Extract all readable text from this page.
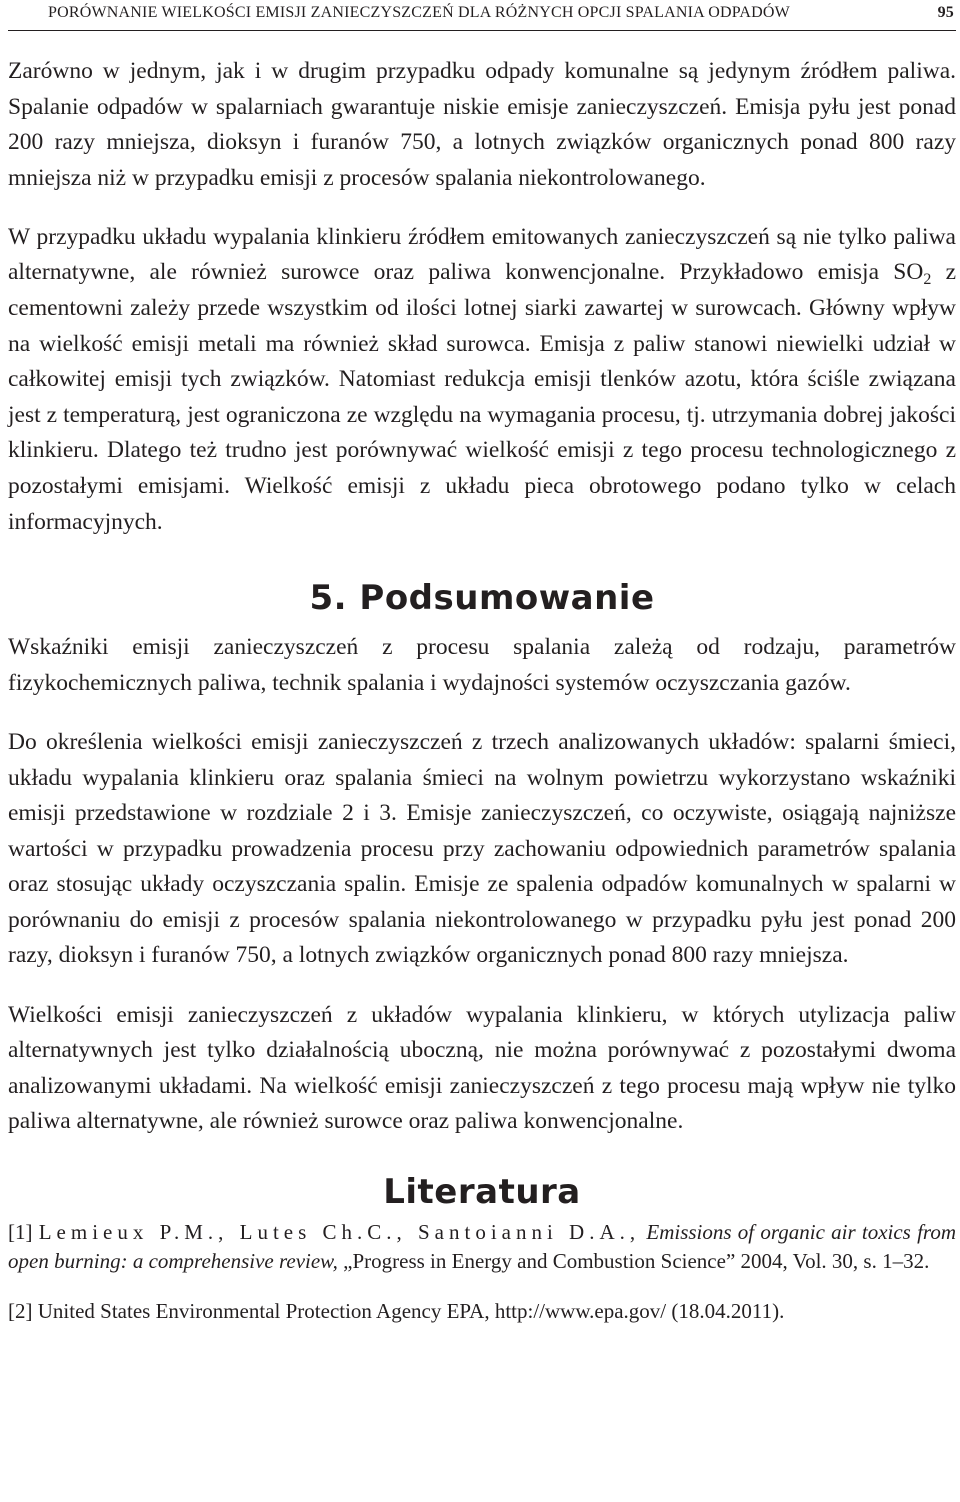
PORÓWNANIE WIELKOŚCI EMISJI ZANIECZYSZCZEŃ DLA RÓŻNYCH OPCJI SPALANIA ODPADÓW	95

Zarówno w jednym, jak i w drugim przypadku odpady komunalne są jedynym źródłem paliwa. Spalanie odpadów w spalarniach gwarantuje niskie emisje zanieczyszczeń. Emisja pyłu jest ponad 200 razy mniejsza, dioksyn i furanów 750, a lotnych związków organicznych ponad 800 razy mniejsza niż w przypadku emisji z procesów spalania niekontrolowanego.

W przypadku układu wypalania klinkieru źródłem emitowanych zanieczyszczeń są nie tylko paliwa alternatywne, ale również surowce oraz paliwa konwencjonalne. Przykładowo emisja $SO_2$ z cementowni zależy przede wszystkim od ilości lotnej siarki zawartej w surowcach. Główny wpływ na wielkość emisji metali ma również skład surowca. Emisja z paliw stanowi niewielki udział w całkowitej emisji tych związków. Natomiast redukcja emisji tlenków azotu, która ściśle związana jest z temperaturą, jest ograniczona ze względu na wymagania procesu, tj. utrzymania dobrej jakości klinkieru. Dlatego też trudno jest porównywać wielkość emisji z tego procesu technologicznego z pozostałymi emisjami. Wielkość emisji z układu pieca obrotowego podano tylko w celach informacyjnych.

5. Podsumowanie

Wskaźniki emisji zanieczyszczeń z procesu spalania zależą od rodzaju, parametrów fizykochemicznych paliwa, technik spalania i wydajności systemów oczyszczania gazów.

Do określenia wielkości emisji zanieczyszczeń z trzech analizowanych układów: spalarni śmieci, układu wypalania klinkieru oraz spalania śmieci na wolnym powietrzu wykorzystano wskaźniki emisji przedstawione w rozdziale 2 i 3. Emisje zanieczyszczeń, co oczywiste, osiągają najniższe wartości w przypadku prowadzenia procesu przy zachowaniu odpowiednich parametrów spalania oraz stosując układy oczyszczania spalin. Emisje ze spalenia odpadów komunalnych w spalarni w porównaniu do emisji z procesów spalania niekontrolowanego w przypadku pyłu jest ponad 200 razy, dioksyn i furanów 750, a lotnych związków organicznych ponad 800 razy mniejsza.

Wielkości emisji zanieczyszczeń z układów wypalania klinkieru, w których utylizacja paliw alternatywnych jest tylko działalnością uboczną, nie można porównywać z pozostałymi dwoma analizowanymi układami. Na wielkość emisji zanieczyszczeń z tego procesu mają wpływ nie tylko paliwa alternatywne, ale również surowce oraz paliwa konwencjonalne.

Literatura

[1] Lemieux P.M., Lutes Ch.C., Santoianni D.A., Emissions of organic air toxics from open burning: a comprehensive review, „Progress in Energy and Combustion Science” 2004, Vol. 30, s. 1–32.

[2] United States Environmental Protection Agency EPA, http://www.epa.gov/ (18.04.2011).
